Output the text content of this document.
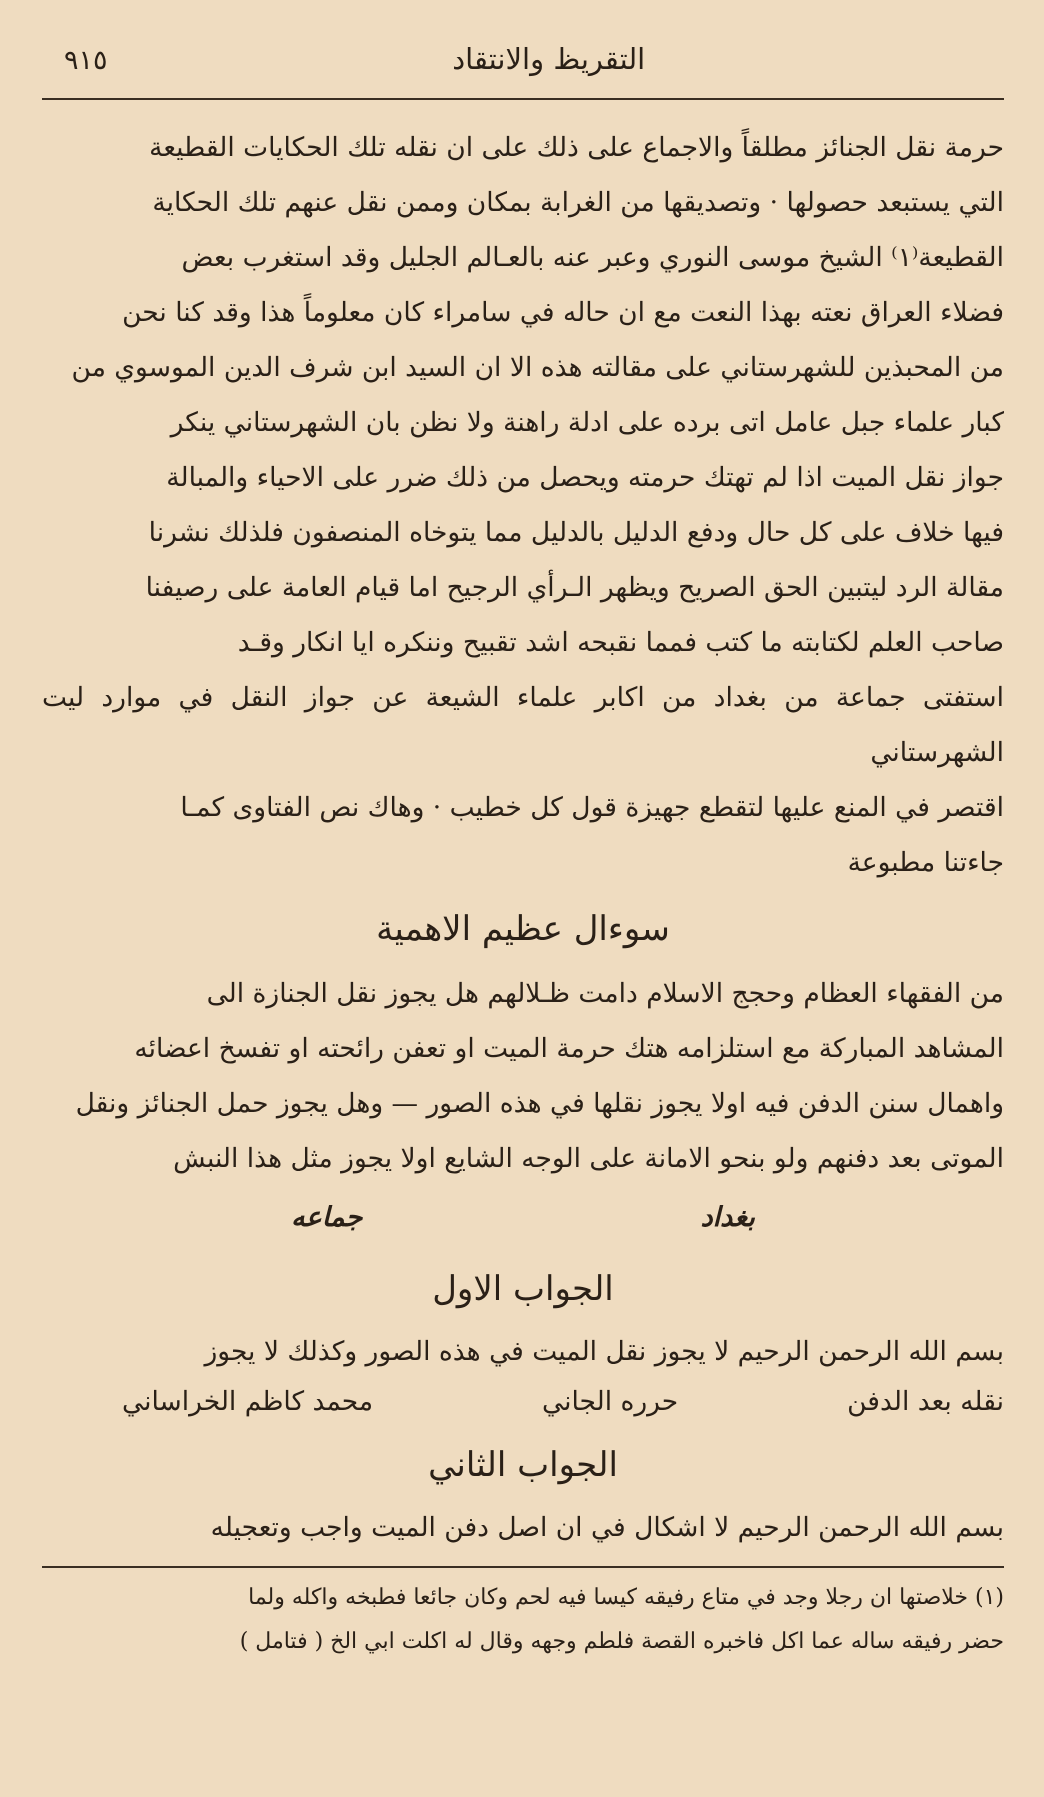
التقريظ والانتقاد
٩١٥

حرمة نقل الجنائز مطلقاً والاجماع على ذلك على ان نقله تلك الحكايات القطيعة

التي يستبعد حصولها · وتصديقها من الغرابة بمكان وممن نقل عنهم تلك الحكاية

القطيعة⁽١⁾ الشيخ موسى النوري وعبر عنه بالعـالم الجليل وقد استغرب بعض

فضلاء العراق نعته بهذا النعت مع ان حاله في سامراء كان معلوماً هذا وقد كنا نحن

من المحبذين للشهرستاني على مقالته هذه الا ان السيد ابن شرف الدين الموسوي من

كبار علماء جبل عامل اتى برده على ادلة راهنة ولا نظن بان الشهرستاني ينكر

جواز نقل الميت اذا لم تهتك حرمته ويحصل من ذلك ضرر على الاحياء والمبالة

فيها خلاف على كل حال ودفع الدليل بالدليل مما يتوخاه المنصفون فلذلك نشرنا

مقالة الرد ليتبين الحق الصريح ويظهر الـرأي الرجيح اما قيام العامة على رصيفنا

صاحب العلم لكتابته ما كتب فمما نقبحه اشد تقبيح وننكره ايا انكار وقـد

استفتى جماعة من بغداد من اكابر علماء الشيعة عن جواز النقل في موارد ليت الشهرستاني

اقتصر في المنع عليها لتقطع جهيزة قول كل خطيب · وهاك نص الفتاوى كمـا

جاءتنا مطبوعة

سوءال عظيم الاهمية

من الفقهاء العظام وحجج الاسلام دامت ظـلالهم هل يجوز نقل الجنازة الى

المشاهد المباركة مع استلزامه هتك حرمة الميت او تعفن رائحته او تفسخ اعضائه

واهمال سنن الدفن فيه اولا يجوز نقلها في هذه الصور — وهل يجوز حمل الجنائز ونقل

الموتى بعد دفنهم ولو بنحو الامانة على الوجه الشايع اولا يجوز مثل هذا النبش

بغداد
جماعه
الجواب الاول

بسم الله الرحمن الرحيم لا يجوز نقل الميت في هذه الصور وكذلك لا يجوز

نقله بعد الدفن
حرره الجاني
محمد كاظم الخراساني
الجواب الثاني

بسم الله الرحمن الرحيم لا اشكال في ان اصل دفن الميت واجب وتعجيله

(١) خلاصتها ان رجلا وجد في متاع رفيقه كيسا فيه لحم وكان جائعا فطبخه واكله ولما

حضر رفيقه ساله عما اكل فاخبره القصة فلطم وجهه وقال له اكلت ابي الخ ( فتامل )
